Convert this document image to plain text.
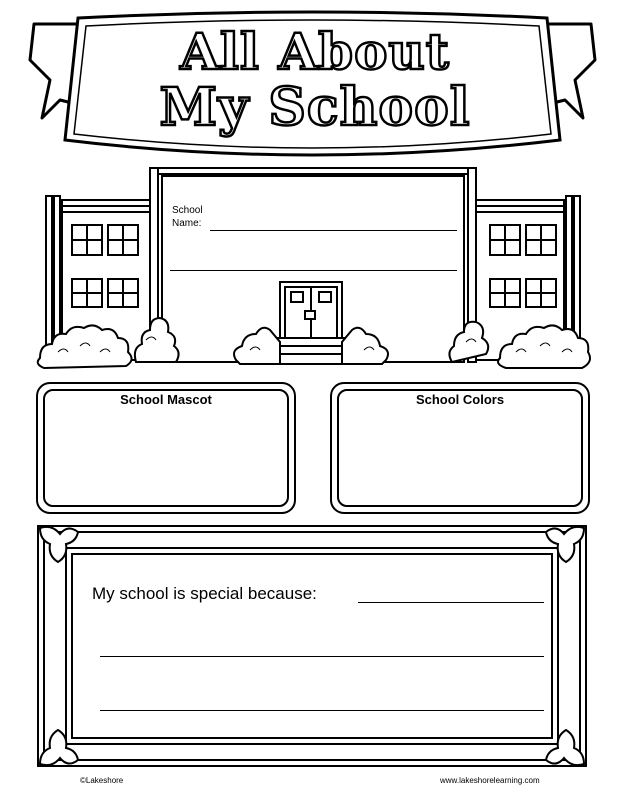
All About
My School
School
Name:
School Mascot	School Colors
My school is special because:
©Lakeshore	www.lakeshorelearning.com
